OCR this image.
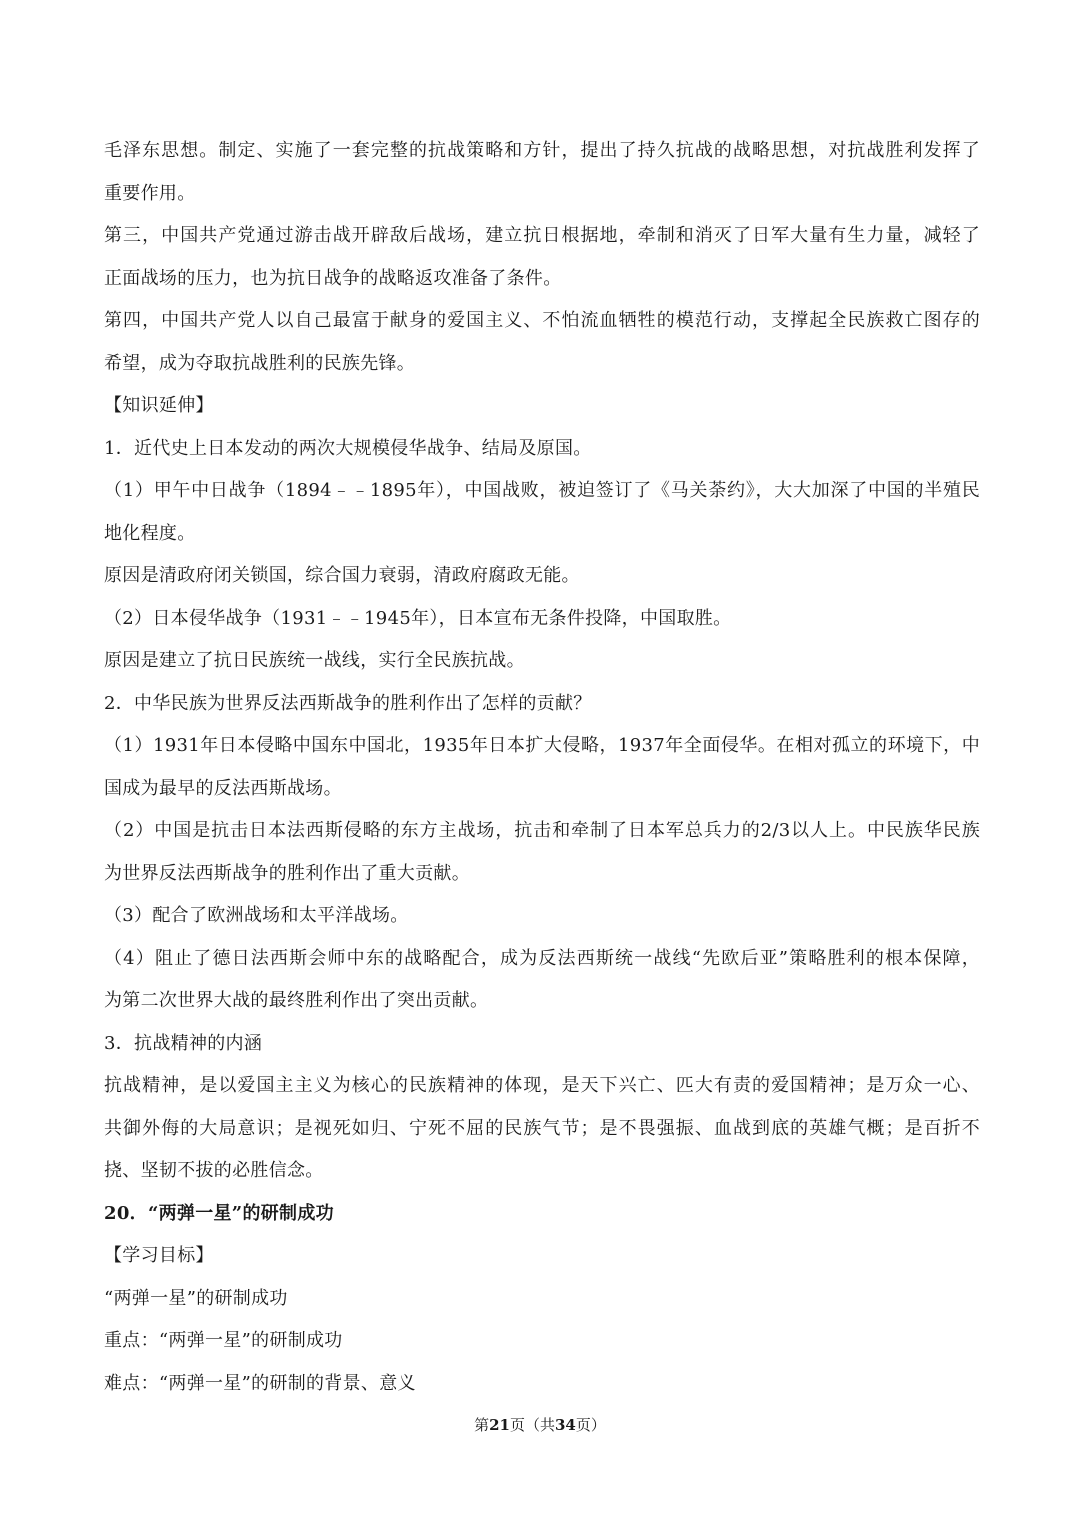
毛泽东思想。制定、实施了一套完整的抗战策略和方针，提出了持久抗战的战略思想，对抗战胜利发挥了
重要作用。
第三，中国共产党通过游击战开辟敌后战场，建立抗日根据地，牵制和消灭了日军大量有生力量，减轻了
正面战场的压力，也为抗日战争的战略返攻准备了条件。
第四，中国共产党人以自己最富于献身的爱国主义、不怕流血牺牲的模范行动，支撑起全民族救亡图存的
希望，成为夺取抗战胜利的民族先锋。
【知识延伸】
1．近代史上日本发动的两次大规模侵华战争、结局及原国。
（1）甲午中日战争（1894﹣﹣1895年），中国战败，被迫签订了《马关荼约》，大大加深了中国的半殖民
地化程度。
原因是清政府闭关锁国，综合国力衰弱，清政府腐政无能。
（2）日本侵华战争（1931﹣﹣1945年），日本宣布无条件投降，中国取胜。
原因是建立了抗日民族统一战线，实行全民族抗战。
2．中华民族为世界反法西斯战争的胜利作出了怎样的贡献？
（1）1931年日本侵略中国东中国北，1935年日本扩大侵略，1937年全面侵华。在相对孤立的环境下，中
国成为最早的反法西斯战场。
（2）中国是抗击日本法西斯侵略的东方主战场，抗击和牵制了日本军总兵力的2/3以人上。中民族华民族
为世界反法西斯战争的胜利作出了重大贡献。
（3）配合了欧洲战场和太平洋战场。
（4）阻止了德日法西斯会师中东的战略配合，成为反法西斯统一战线“先欧后亚”策略胜利的根本保障，
为第二次世界大战的最终胜利作出了突出贡献。
3．抗战精神的内涵
抗战精神，是以爱国主主义为核心的民族精神的体现，是天下兴亡、匹大有责的爱国精神；是万众一心、
共御外侮的大局意识；是视死如归、宁死不屈的民族气节；是不畏强振、血战到底的英雄气概；是百折不
挠、坚韧不拔的必胜信念。
20．“两弹一星”的研制成功
【学习目标】
“两弹一星”的研制成功
重点：“两弹一星”的研制成功
难点：“两弹一星”的研制的背景、意义
第21页（共34页）
